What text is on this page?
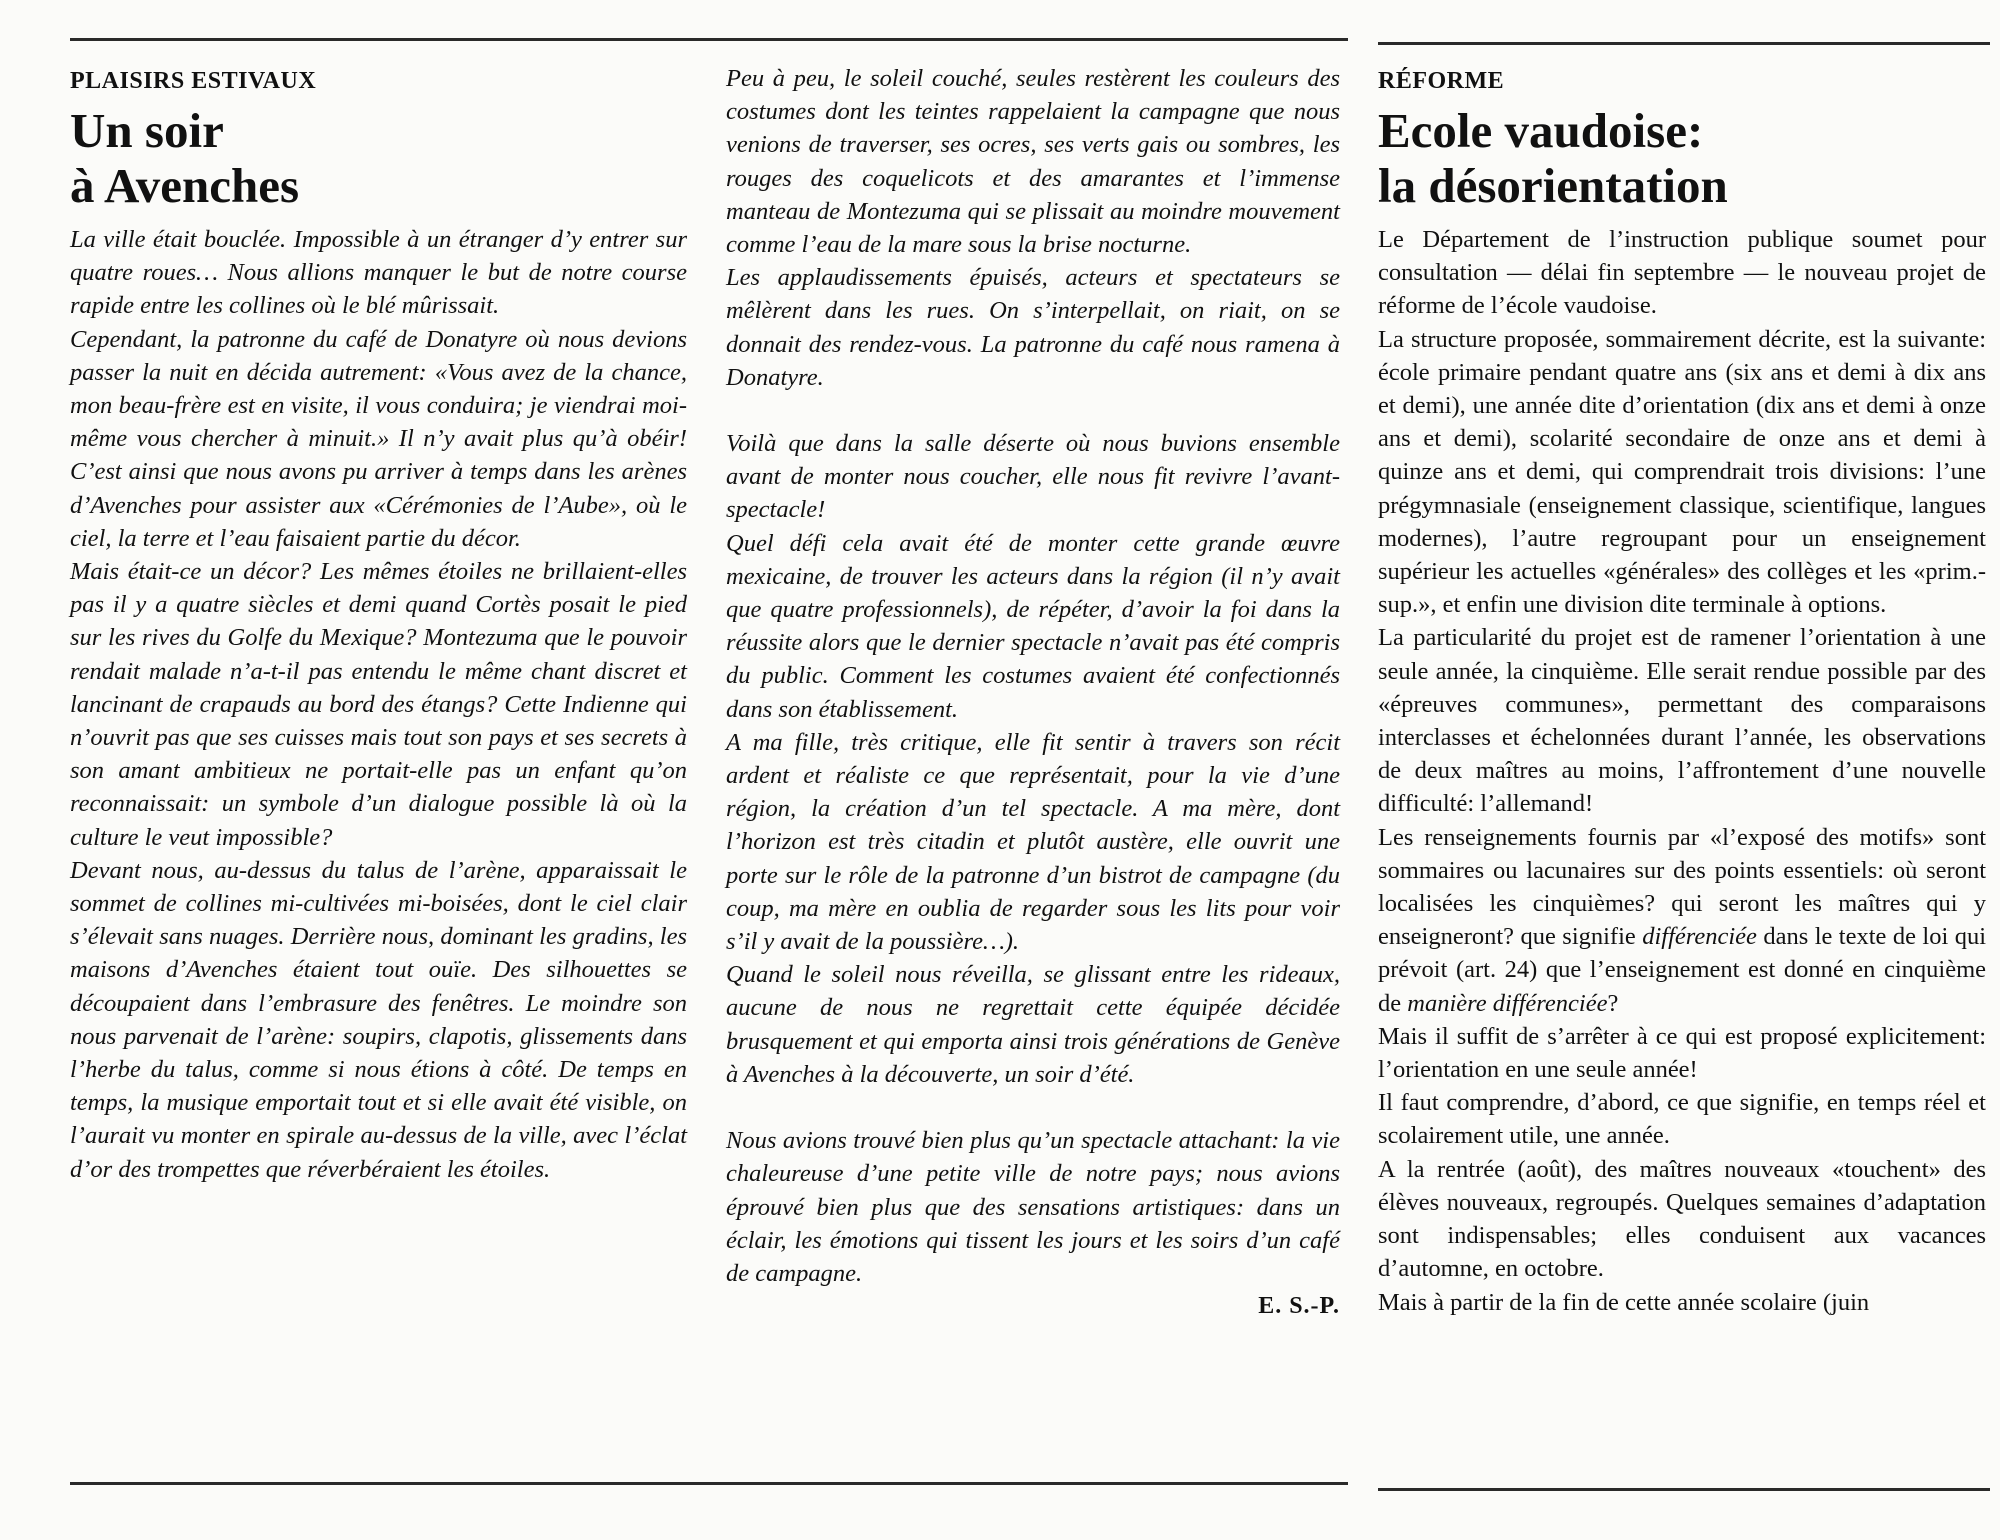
PLAISIRS ESTIVAUX
Un soir
à Avenches

La ville était bouclée. Impossible à un étranger d’y entrer sur quatre roues… Nous allions manquer le but de notre course rapide entre les collines où le blé mûrissait.

Cependant, la patronne du café de Donatyre où nous devions passer la nuit en décida autrement: «Vous avez de la chance, mon beau-frère est en visite, il vous conduira; je viendrai moi-même vous chercher à minuit.» Il n’y avait plus qu’à obéir! C’est ainsi que nous avons pu arriver à temps dans les arènes d’Avenches pour assister aux «Cérémonies de l’Aube», où le ciel, la terre et l’eau faisaient partie du décor.

Mais était-ce un décor? Les mêmes étoiles ne brillaient-elles pas il y a quatre siècles et demi quand Cortès posait le pied sur les rives du Golfe du Mexique? Montezuma que le pouvoir rendait malade n’a-t-il pas entendu le même chant discret et lancinant de crapauds au bord des étangs? Cette Indienne qui n’ouvrit pas que ses cuisses mais tout son pays et ses secrets à son amant ambitieux ne portait-elle pas un enfant qu’on reconnaissait: un symbole d’un dialogue possible là où la culture le veut impossible?

Devant nous, au-dessus du talus de l’arène, apparaissait le sommet de collines mi-cultivées mi-boisées, dont le ciel clair s’élevait sans nuages. Derrière nous, dominant les gradins, les maisons d’Avenches étaient tout ouïe. Des silhouettes se découpaient dans l’embrasure des fenêtres. Le moindre son nous parvenait de l’arène: soupirs, clapotis, glissements dans l’herbe du talus, comme si nous étions à côté. De temps en temps, la musique emportait tout et si elle avait été visible, on l’aurait vu monter en spirale au-dessus de la ville, avec l’éclat d’or des trompettes que réverbéraient les étoiles.

Peu à peu, le soleil couché, seules restèrent les couleurs des costumes dont les teintes rappelaient la campagne que nous venions de traverser, ses ocres, ses verts gais ou sombres, les rouges des coquelicots et des amarantes et l’immense manteau de Montezuma qui se plissait au moindre mouvement comme l’eau de la mare sous la brise nocturne.

Les applaudissements épuisés, acteurs et spectateurs se mêlèrent dans les rues. On s’interpellait, on riait, on se donnait des rendez-vous. La patronne du café nous ramena à Donatyre.

Voilà que dans la salle déserte où nous buvions ensemble avant de monter nous coucher, elle nous fit revivre l’avant-spectacle!

Quel défi cela avait été de monter cette grande œuvre mexicaine, de trouver les acteurs dans la région (il n’y avait que quatre professionnels), de répéter, d’avoir la foi dans la réussite alors que le dernier spectacle n’avait pas été compris du public. Comment les costumes avaient été confectionnés dans son établissement.

A ma fille, très critique, elle fit sentir à travers son récit ardent et réaliste ce que représentait, pour la vie d’une région, la création d’un tel spectacle. A ma mère, dont l’horizon est très citadin et plutôt austère, elle ouvrit une porte sur le rôle de la patronne d’un bistrot de campagne (du coup, ma mère en oublia de regarder sous les lits pour voir s’il y avait de la poussière…).

Quand le soleil nous réveilla, se glissant entre les rideaux, aucune de nous ne regrettait cette équipée décidée brusquement et qui emporta ainsi trois générations de Genève à Avenches à la découverte, un soir d’été.

Nous avions trouvé bien plus qu’un spectacle attachant: la vie chaleureuse d’une petite ville de notre pays; nous avions éprouvé bien plus que des sensations artistiques: dans un éclair, les émotions qui tissent les jours et les soirs d’un café de campagne.

E. S.-P.
RÉFORME
Ecole vaudoise:
la désorientation

Le Département de l’instruction publique soumet pour consultation — délai fin septembre — le nouveau projet de réforme de l’école vaudoise.

La structure proposée, sommairement décrite, est la suivante: école primaire pendant quatre ans (six ans et demi à dix ans et demi), une année dite d’orientation (dix ans et demi à onze ans et demi), scolarité secondaire de onze ans et demi à quinze ans et demi, qui comprendrait trois divisions: l’une prégymnasiale (enseignement classique, scientifique, langues modernes), l’autre regroupant pour un enseignement supérieur les actuelles «générales» des collèges et les «prim.-sup.», et enfin une division dite terminale à options.

La particularité du projet est de ramener l’orientation à une seule année, la cinquième. Elle serait rendue possible par des «épreuves communes», permettant des comparaisons interclasses et échelonnées durant l’année, les observations de deux maîtres au moins, l’affrontement d’une nouvelle difficulté: l’allemand!

Les renseignements fournis par «l’exposé des motifs» sont sommaires ou lacunaires sur des points essentiels: où seront localisées les cinquièmes? qui seront les maîtres qui y enseigneront? que signifie différenciée dans le texte de loi qui prévoit (art. 24) que l’enseignement est donné en cinquième de manière différenciée?

Mais il suffit de s’arrêter à ce qui est proposé explicitement: l’orientation en une seule année!

Il faut comprendre, d’abord, ce que signifie, en temps réel et scolairement utile, une année.

A la rentrée (août), des maîtres nouveaux «touchent» des élèves nouveaux, regroupés. Quelques semaines d’adaptation sont indispensables; elles conduisent aux vacances d’automne, en octobre.

Mais à partir de la fin de cette année scolaire (juin
